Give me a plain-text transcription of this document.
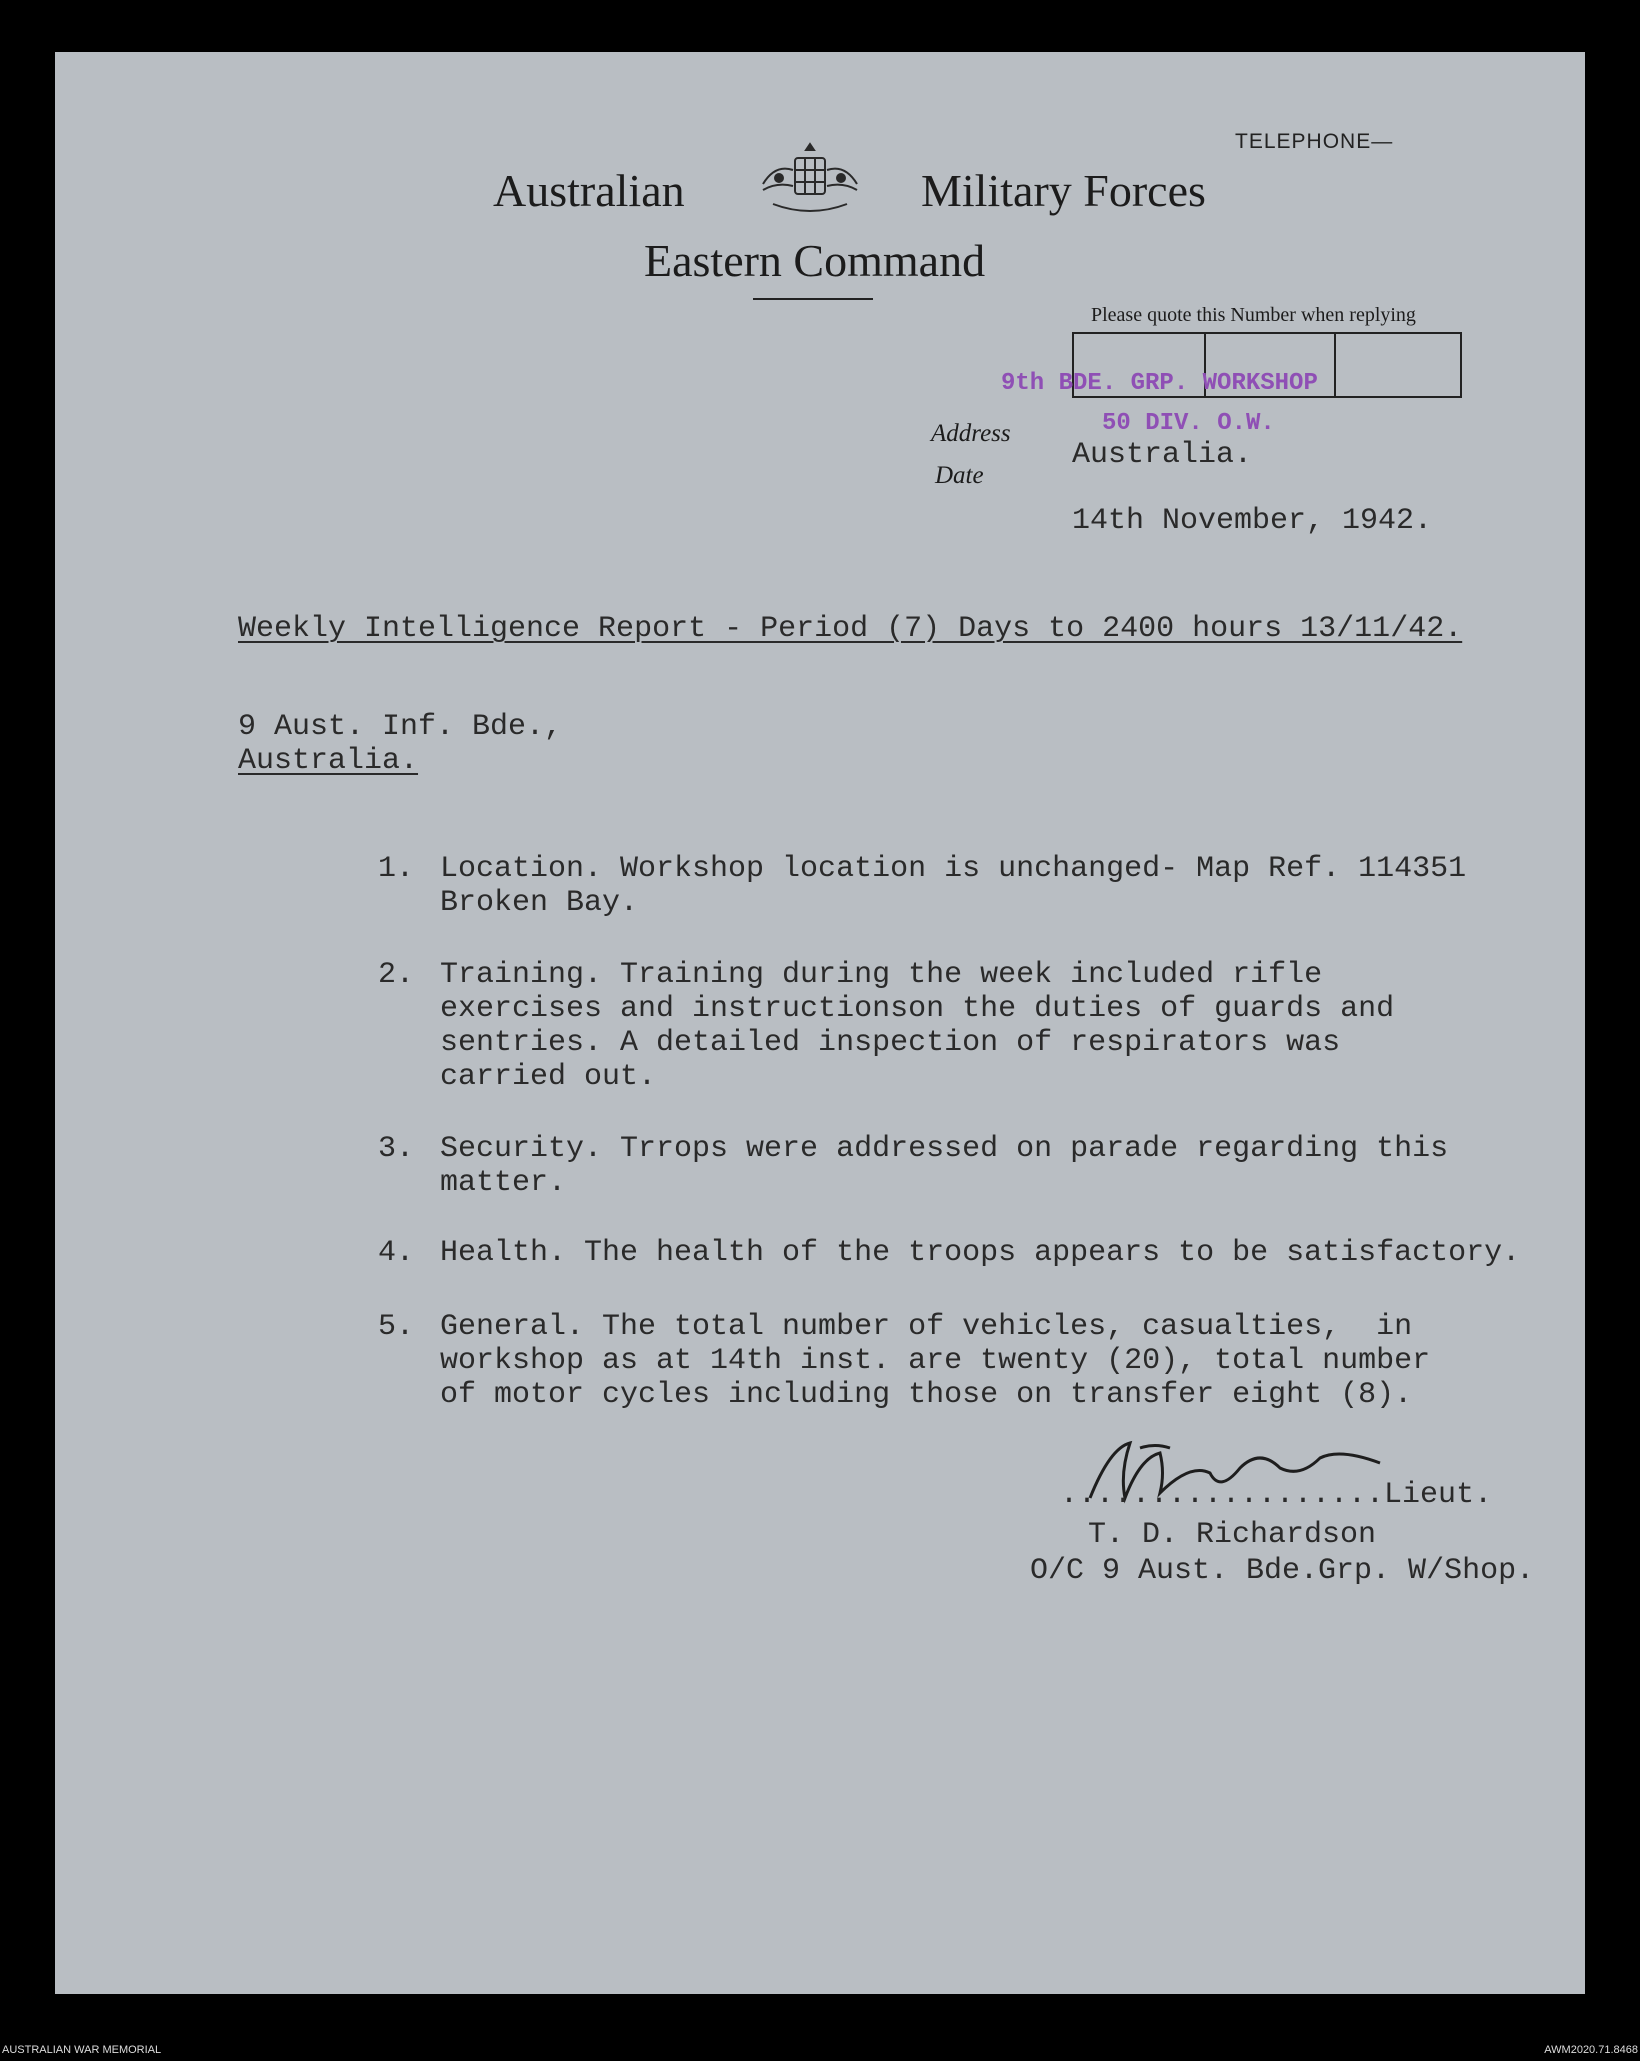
TELEPHONE—
Australian	Military Forces
Eastern Command
Please quote this Number when replying
9th BDE. GRP. WORKSHOP
50 DIV. O.W.
Address
Date
Australia.
14th November, 1942.
Weekly Intelligence Report - Period (7) Days to 2400 hours 13/11/42.
9 Aust. Inf. Bde.,
Australia.
1. Location. Workshop location is unchanged- Map Ref. 114351
Broken Bay.
2. Training. Training during the week included rifle
exercises and instructionson the duties of guards and
sentries. A detailed inspection of respirators was
carried out.
3. Security. Trrops were addressed on parade regarding this
matter.
4. Health. The health of the troops appears to be satisfactory.
5. General. The total number of vehicles, casualties,  in
workshop as at 14th inst. are twenty (20), total number
of motor cycles including those on transfer eight (8).
..................Lieut.
T. D. Richardson
O/C 9 Aust. Bde.Grp. W/Shop.
AUSTRALIAN WAR MEMORIAL	AWM2020.71.8468
